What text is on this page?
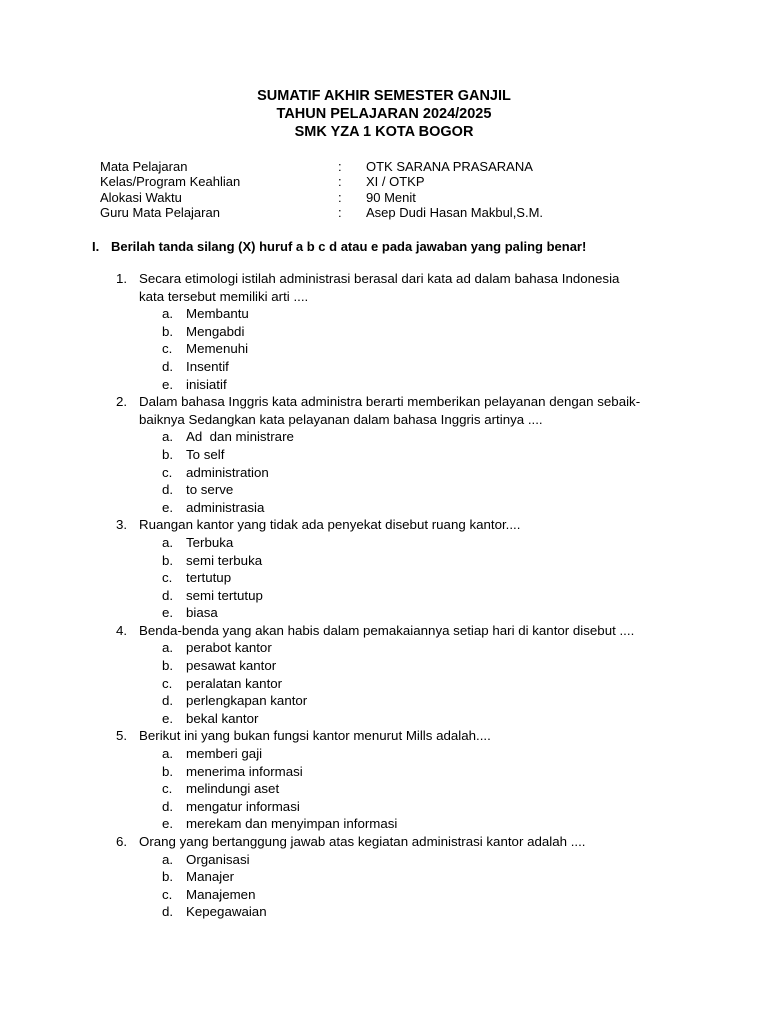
SUMATIF AKHIR SEMESTER GANJIL
TAHUN PELAJARAN 2024/2025
SMK YZA 1 KOTA BOGOR
Mata Pelajaran	: OTK SARANA PRASARANA
Kelas/Program Keahlian	: XI / OTKP
Alokasi Waktu	: 90 Menit
Guru Mata Pelajaran	: Asep Dudi Hasan Makbul,S.M.
I. Berilah tanda silang (X) huruf a b c d atau e pada jawaban yang paling benar!
1. Secara etimologi istilah administrasi berasal dari kata ad dalam bahasa Indonesia
kata tersebut memiliki arti ....
a. Membantu
b. Mengabdi
c. Memenuhi
d. Insentif
e. inisiatif
2. Dalam bahasa Inggris kata administra berarti memberikan pelayanan dengan sebaik-
baiknya Sedangkan kata pelayanan dalam bahasa Inggris artinya ....
a. Ad  dan ministrare
b. To self
c. administration
d. to serve
e. administrasia
3. Ruangan kantor yang tidak ada penyekat disebut ruang kantor....
a. Terbuka
b. semi terbuka
c. tertutup
d. semi tertutup
e. biasa
4. Benda-benda yang akan habis dalam pemakaiannya setiap hari di kantor disebut ....
a. perabot kantor
b. pesawat kantor
c. peralatan kantor
d. perlengkapan kantor
e. bekal kantor
5. Berikut ini yang bukan fungsi kantor menurut Mills adalah....
a. memberi gaji
b. menerima informasi
c. melindungi aset
d. mengatur informasi
e. merekam dan menyimpan informasi
6. Orang yang bertanggung jawab atas kegiatan administrasi kantor adalah ....
a. Organisasi
b. Manajer
c. Manajemen
d. Kepegawaian
